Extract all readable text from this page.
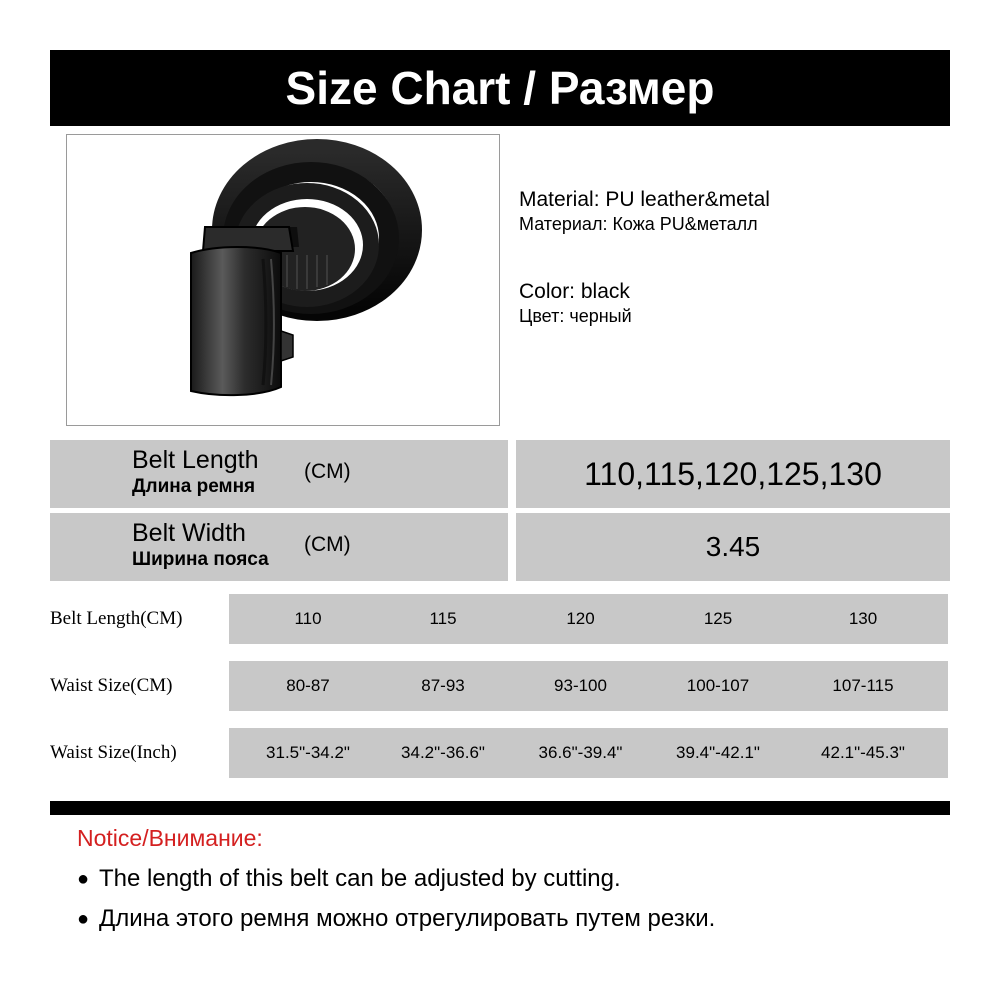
Size Chart / Размер
Material: PU leather&metal
Материал: Кожа PU&металл
Color: black
Цвет: черный
Belt Length
Длина ремня
(CM)	110,115,120,125,130
Belt Width
Ширина пояса
(CM)	3.45
Belt Length(CM)	110	115	120	125	130
Waist Size(CM)	80-87	87-93	93-100	100-107	107-115
Waist Size(Inch)	31.5"-34.2"	34.2"-36.6"	36.6"-39.4"	39.4"-42.1"	42.1"-45.3"
Notice/Внимание:
● The length of this belt can be adjusted by cutting.
● Длина этого ремня можно отрегулировать путем резки.
